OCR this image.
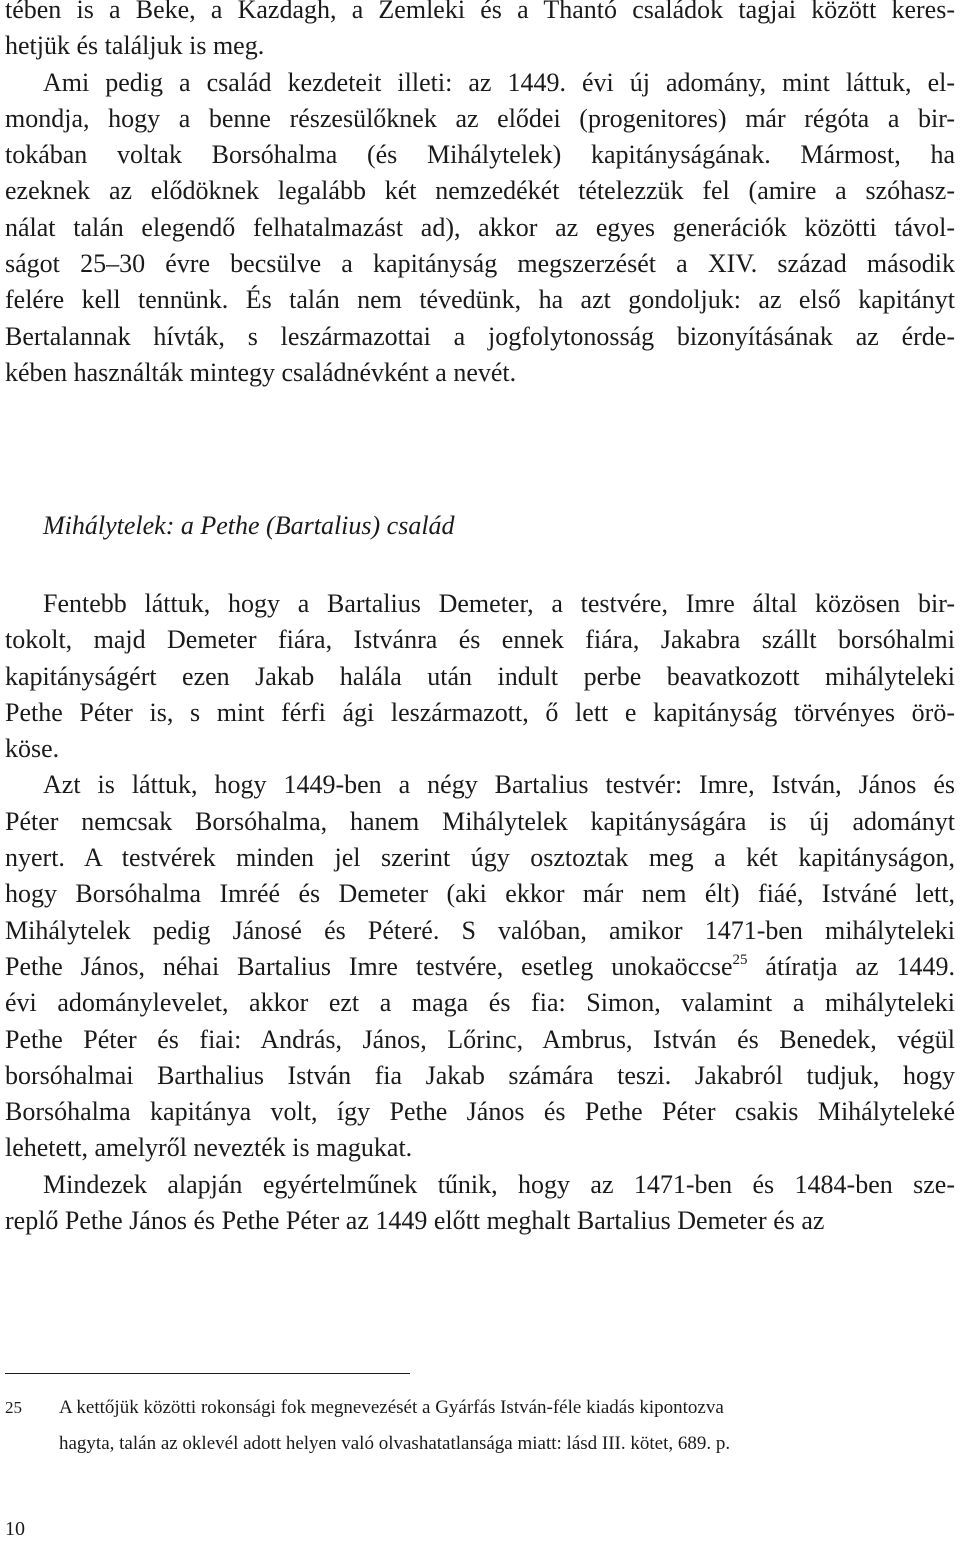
tében is a Beke, a Kazdagh, a Zemleki és a Thantó családok tagjai között keres-

hetjük és találjuk is meg.

Ami pedig a család kezdeteit illeti: az 1449. évi új adomány, mint láttuk, el-

mondja, hogy a benne részesülőknek az elődei (progenitores) már régóta a bir-

tokában voltak Borsóhalma (és Mihálytelek) kapitányságának. Mármost, ha

ezeknek az elődöknek legalább két nemzedékét tételezzük fel (amire a szóhasz-

nálat talán elegendő felhatalmazást ad), akkor az egyes generációk közötti távol-

ságot 25–30 évre becsülve a kapitányság megszerzését a XIV. század második

felére kell tennünk. És talán nem tévedünk, ha azt gondoljuk: az első kapitányt

Bertalannak hívták, s leszármazottai a jogfolytonosság bizonyításának az érde-

kében használták mintegy családnévként a nevét.

Mihálytelek: a Pethe (Bartalius) család

Fentebb láttuk, hogy a Bartalius Demeter, a testvére, Imre által közösen bir-

tokolt, majd Demeter fiára, Istvánra és ennek fiára, Jakabra szállt borsóhalmi

kapitányságért ezen Jakab halála után indult perbe beavatkozott mihályteleki

Pethe Péter is, s mint férfi ági leszármazott, ő lett e kapitányság törvényes örö-

köse.

Azt is láttuk, hogy 1449-ben a négy Bartalius testvér: Imre, István, János és

Péter nemcsak Borsóhalma, hanem Mihálytelek kapitányságára is új adományt

nyert. A testvérek minden jel szerint úgy osztoztak meg a két kapitányságon,

hogy Borsóhalma Imréé és Demeter (aki ekkor már nem élt) fiáé, Istváné lett,

Mihálytelek pedig Jánosé és Péteré. S valóban, amikor 1471-ben mihályteleki

Pethe János, néhai Bartalius Imre testvére, esetleg unokaöccse$^{25}$ átíratja az 1449.

évi adománylevelet, akkor ezt a maga és fia: Simon, valamint a mihályteleki

Pethe Péter és fiai: András, János, Lőrinc, Ambrus, István és Benedek, végül

borsóhalmai Barthalius István fia Jakab számára teszi. Jakabról tudjuk, hogy

Borsóhalma kapitánya volt, így Pethe János és Pethe Péter csakis Mihályteleké

lehetett, amelyről nevezték is magukat.

Mindezek alapján egyértelműnek tűnik, hogy az 1471-ben és 1484-ben sze-

replő Pethe János és Pethe Péter az 1449 előtt meghalt Bartalius Demeter és az

25 A kettőjük közötti rokonsági fok megnevezését a Gyárfás István-féle kiadás kipontozva
hagyta, talán az oklevél adott helyen való olvashatatlansága miatt: lásd III. kötet, 689. p.
10
